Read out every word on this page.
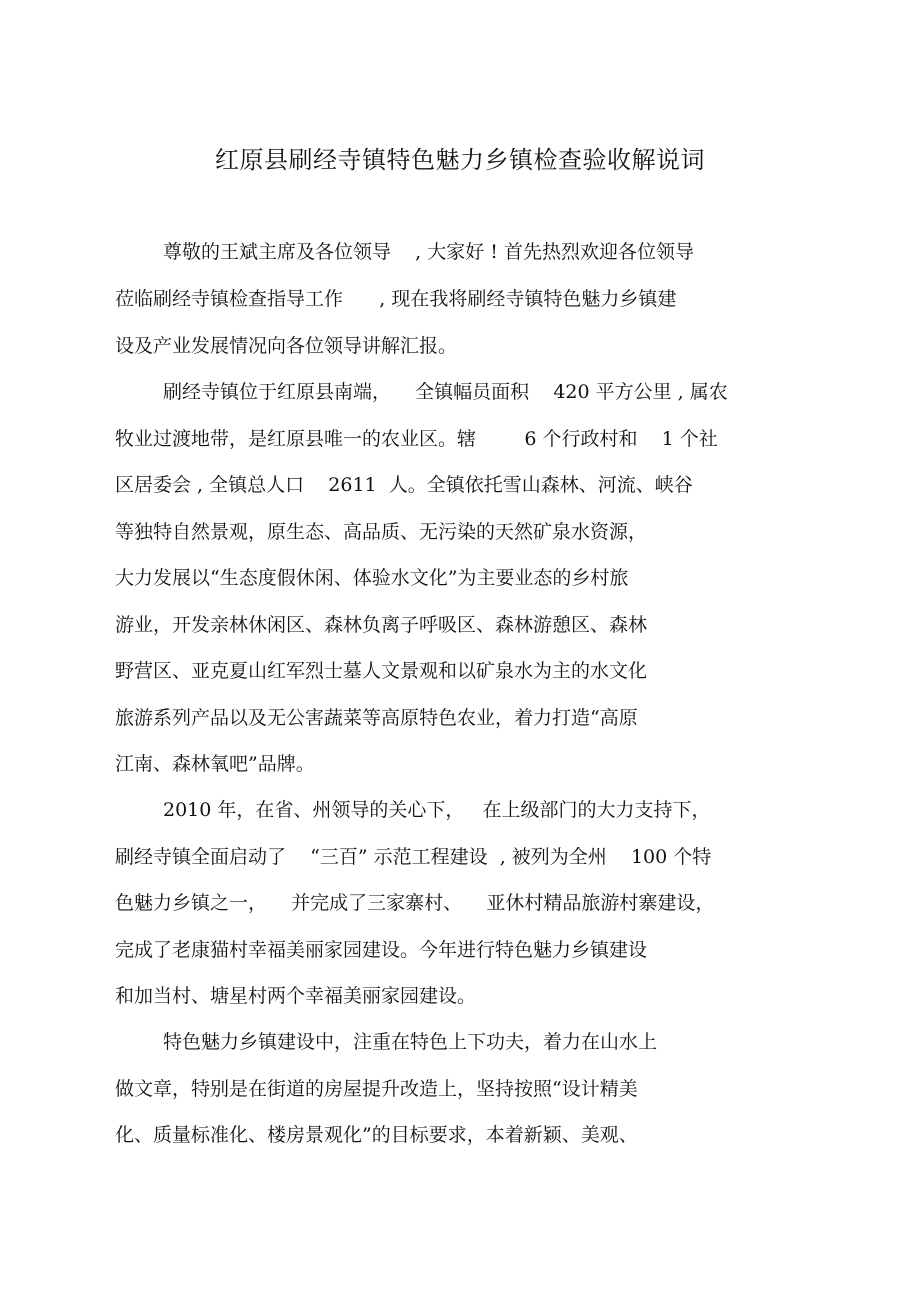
红原县刷经寺镇特色魅力乡镇检查验收解说词
尊敬的王斌主席及各位领导    , 大家好 ! 首先热烈欢迎各位领导
莅临刷经寺镇检查指导工作      , 现在我将刷经寺镇特色魅力乡镇建
设及产业发展情况向各位领导讲解汇报。
刷经寺镇位于红原县南端，    全镇幅员面积    420 平方公里 , 属农
牧业过渡地带，是红原县唯一的农业区。辖        6 个行政村和    1 个社
区居委会 , 全镇总人口    2611  人。全镇依托雪山森林、河流、峡谷
等独特自然景观，原生态、高品质、无污染的天然矿泉水资源，
大力发展以“生态度假休闲、体验水文化”为主要业态的乡村旅
游业，开发亲林休闲区、森林负离子呼吸区、森林游憩区、森林
野营区、亚克夏山红军烈士墓人文景观和以矿泉水为主的水文化
旅游系列产品以及无公害蔬菜等高原特色农业，着力打造“高原
江南、森林氧吧”品牌。
2010 年，在省、州领导的关心下，   在上级部门的大力支持下，
刷经寺镇全面启动了    “三百” 示范工程建设  , 被列为全州    100 个特
色魅力乡镇之一，    并完成了三家寨村、    亚休村精品旅游村寨建设，
完成了老康猫村幸福美丽家园建设。今年进行特色魅力乡镇建设
和加当村、塘星村两个幸福美丽家园建设。
特色魅力乡镇建设中，注重在特色上下功夫，着力在山水上
做文章，特别是在街道的房屋提升改造上，坚持按照“设计精美
化、质量标准化、楼房景观化”的目标要求，本着新颖、美观、
